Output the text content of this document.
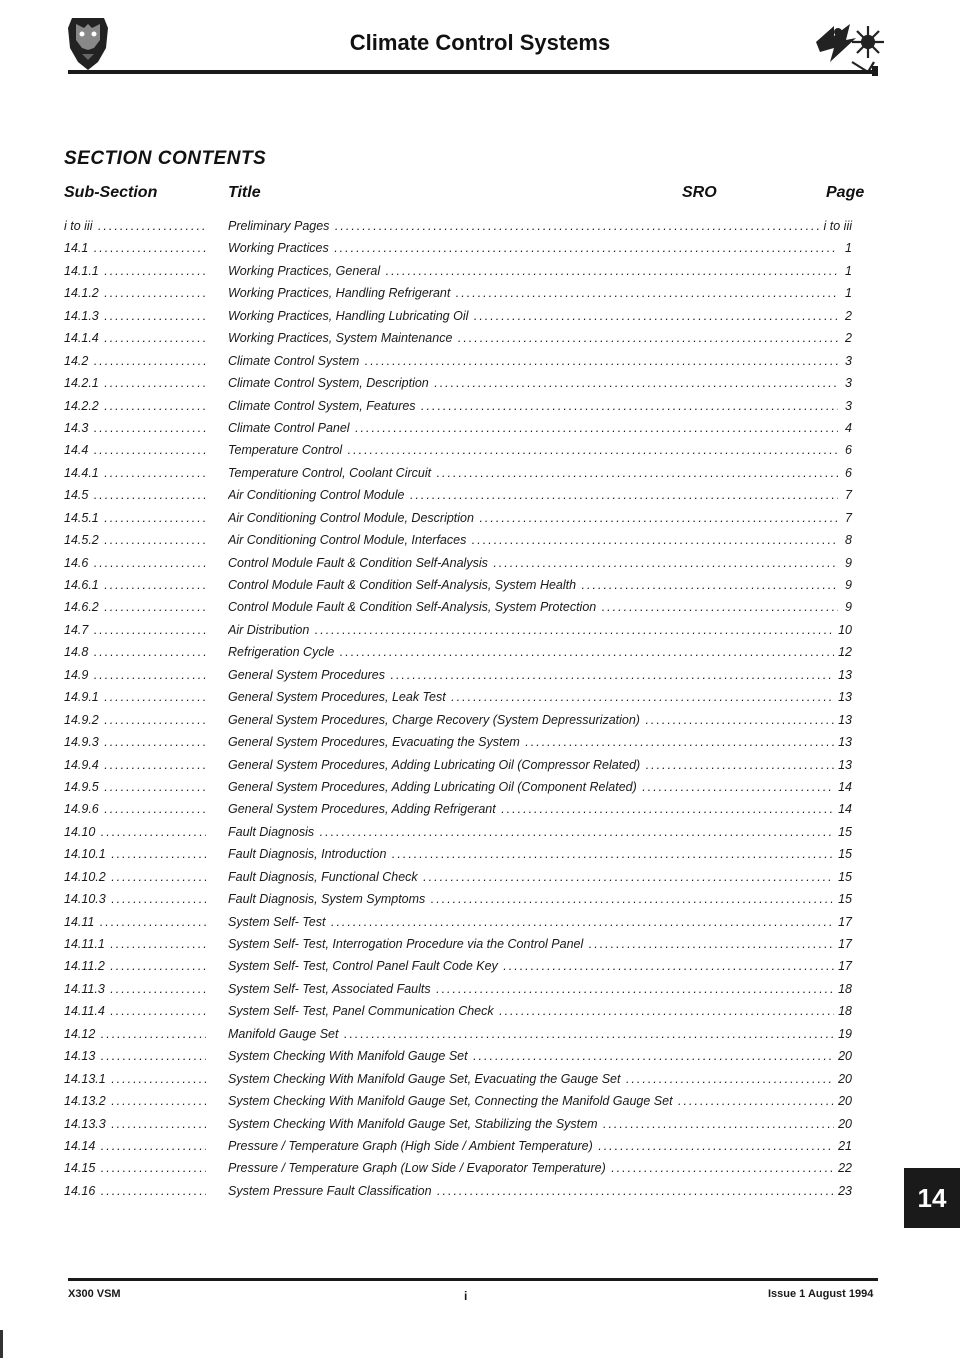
Climate Control Systems
SECTION CONTENTS
Sub-Section	Title	SRO	Page
i to iii .....	Preliminary Pages .....	i to iii
14.1 .....	Working Practices .....	1
14.1.1 .....	Working Practices, General .....	1
14.1.2 .....	Working Practices, Handling Refrigerant .....	1
14.1.3 .....	Working Practices, Handling Lubricating Oil .....	2
14.1.4 .....	Working Practices, System Maintenance .....	2
14.2 .....	Climate Control System .....	3
14.2.1 .....	Climate Control System, Description .....	3
14.2.2 .....	Climate Control System, Features .....	3
14.3 .....	Climate Control Panel .....	4
14.4 .....	Temperature Control .....	6
14.4.1 .....	Temperature Control, Coolant Circuit .....	6
14.5 .....	Air Conditioning Control Module .....	7
14.5.1 .....	Air Conditioning Control Module, Description .....	7
14.5.2 .....	Air Conditioning Control Module, Interfaces .....	8
14.6 .....	Control Module Fault & Condition Self-Analysis .....	9
14.6.1 .....	Control Module Fault & Condition Self-Analysis, System Health .....	9
14.6.2 .....	Control Module Fault & Condition Self-Analysis, System Protection .....	9
14.7 .....	Air Distribution .....	10
14.8 .....	Refrigeration Cycle .....	12
14.9 .....	General System Procedures .....	13
14.9.1 .....	General System Procedures, Leak Test .....	13
14.9.2 .....	General System Procedures, Charge Recovery (System Depressurization) .....	13
14.9.3 .....	General System Procedures, Evacuating the System .....	13
14.9.4 .....	General System Procedures, Adding Lubricating Oil (Compressor Related) .....	13
14.9.5 .....	General System Procedures, Adding Lubricating Oil (Component Related) .....	14
14.9.6 .....	General System Procedures, Adding Refrigerant .....	14
14.10 .....	Fault Diagnosis .....	15
14.10.1 .....	Fault Diagnosis, Introduction .....	15
14.10.2 .....	Fault Diagnosis, Functional Check .....	15
14.10.3 .....	Fault Diagnosis, System Symptoms .....	15
14.11 .....	System Self- Test .....	17
14.11.1 .....	System Self- Test, Interrogation Procedure via the Control Panel .....	17
14.11.2 .....	System Self- Test, Control Panel Fault Code Key .....	17
14.11.3 .....	System Self- Test, Associated Faults .....	18
14.11.4 .....	System Self- Test, Panel Communication Check .....	18
14.12 .....	Manifold Gauge Set .....	19
14.13 .....	System Checking With Manifold Gauge Set .....	20
14.13.1 .....	System Checking With Manifold Gauge Set, Evacuating the Gauge Set .....	20
14.13.2 .....	System Checking With Manifold Gauge Set, Connecting the Manifold Gauge Set .....	20
14.13.3 .....	System Checking With Manifold Gauge Set, Stabilizing the System .....	20
14.14 .....	Pressure / Temperature Graph (High Side / Ambient Temperature) .....	21
14.15 .....	Pressure / Temperature Graph (Low Side / Evaporator Temperature) .....	22
14.16 .....	System Pressure Fault Classification .....	23	14
X300 VSM	i	Issue 1 August 1994
